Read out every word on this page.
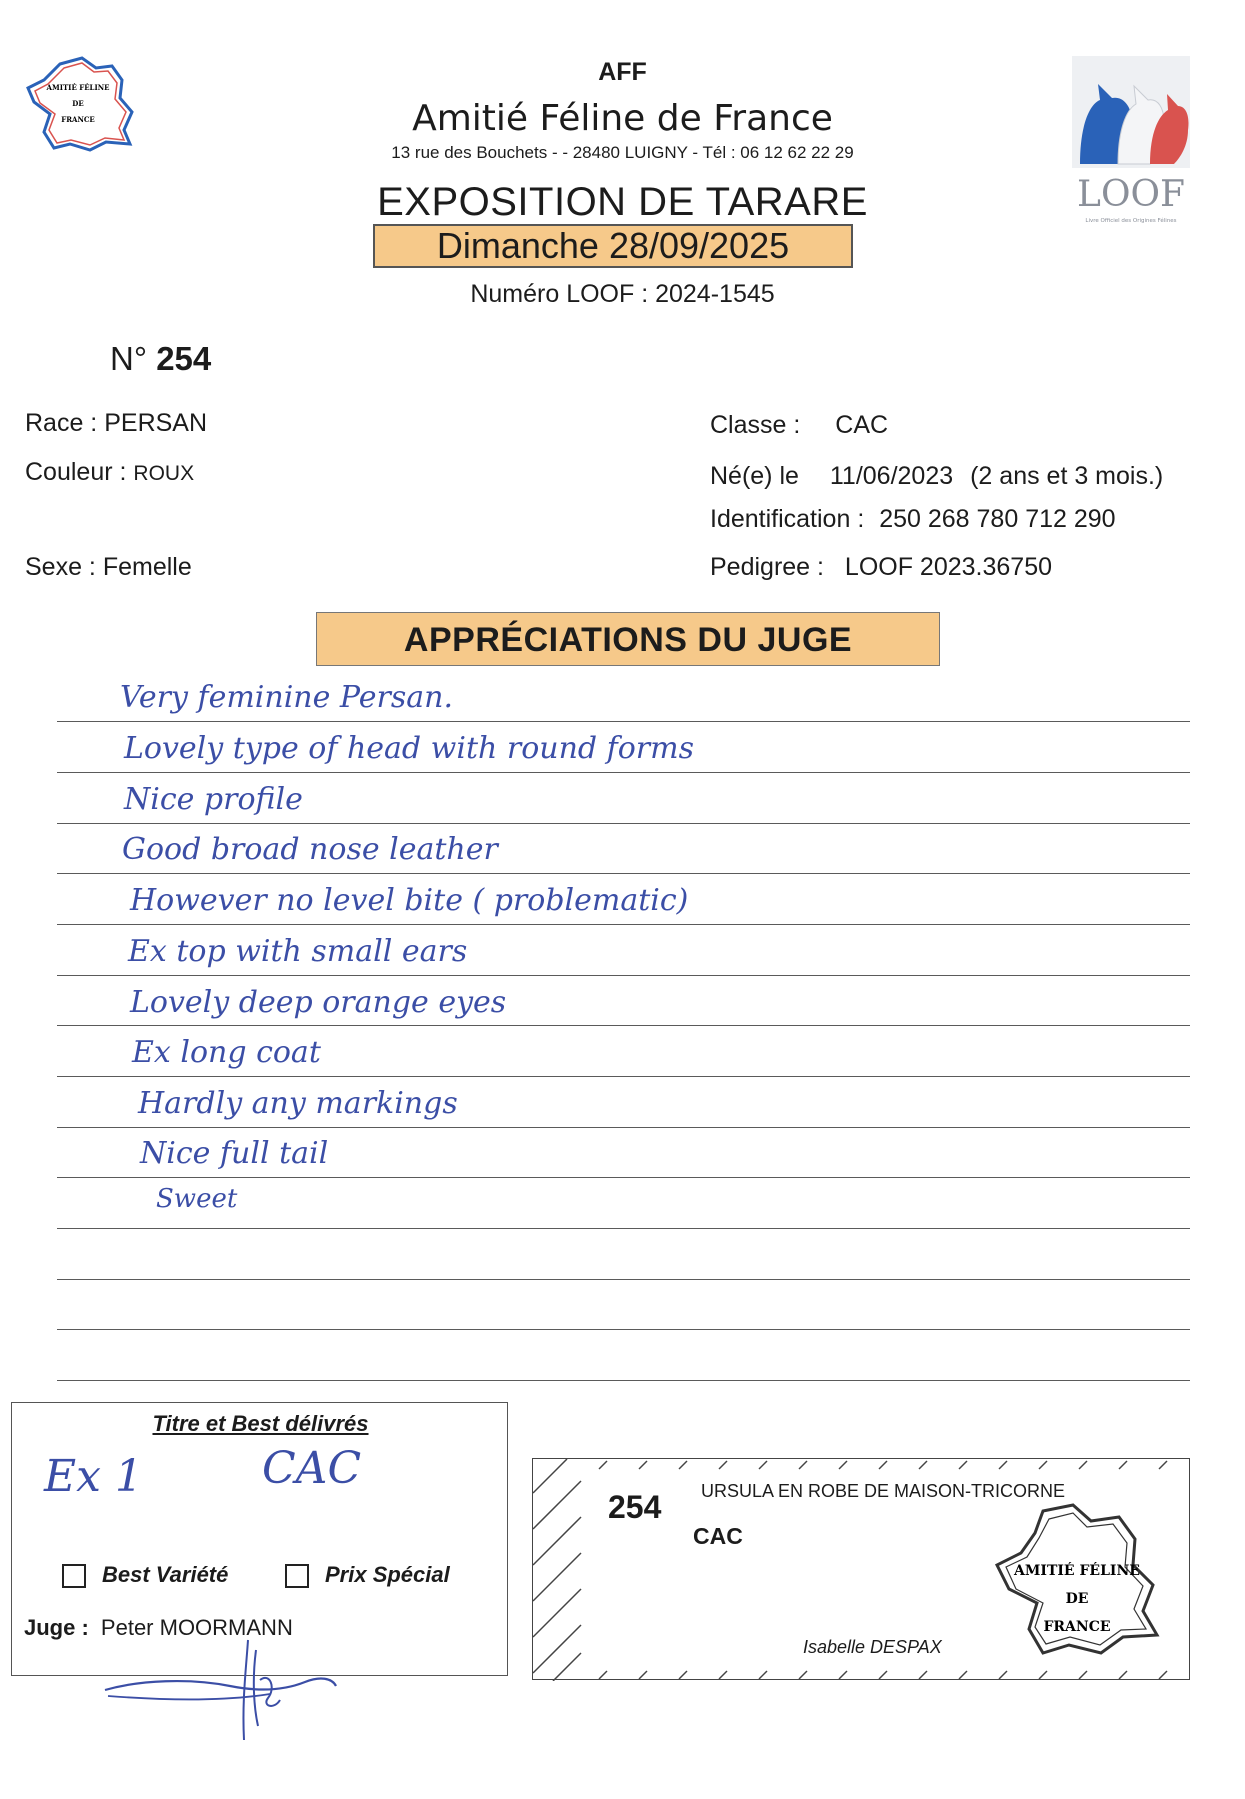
AMITIÉ FÉLINE
DE
FRANCE
AFF
Amitié Féline de France
13 rue des Bouchets - - 28480 LUIGNY - Tél : 06 12 62 22 29
EXPOSITION DE TARARE
Dimanche 28/09/2025
Numéro LOOF : 2024-1545
LOOF
Livre Officiel des Origines Félines
N° 254
Race : PERSAN
Couleur : ROUX
Sexe : Femelle
Classe : CAC
Né(e) le 11/06/2023 (2 ans et 3 mois.)
Identification : 250 268 780 712 290
Pedigree : LOOF 2023.36750
APPRÉCIATIONS DU JUGE
Very feminine Persan.
Lovely type of head with round forms
Nice profile
Good broad nose leather
However no level bite ( problematic)
Ex top with small ears
Lovely deep orange eyes
Ex long coat
Hardly any markings
Nice full tail
Sweet
Titre et Best délivrés
Ex 1	CAC
Best Variété	Prix Spécial
Juge : Peter MOORMANN
254 URSULA EN ROBE DE MAISON-TRICORNE
CAC
Isabelle DESPAX
AMITIÉ FÉLINE
DE
FRANCE
